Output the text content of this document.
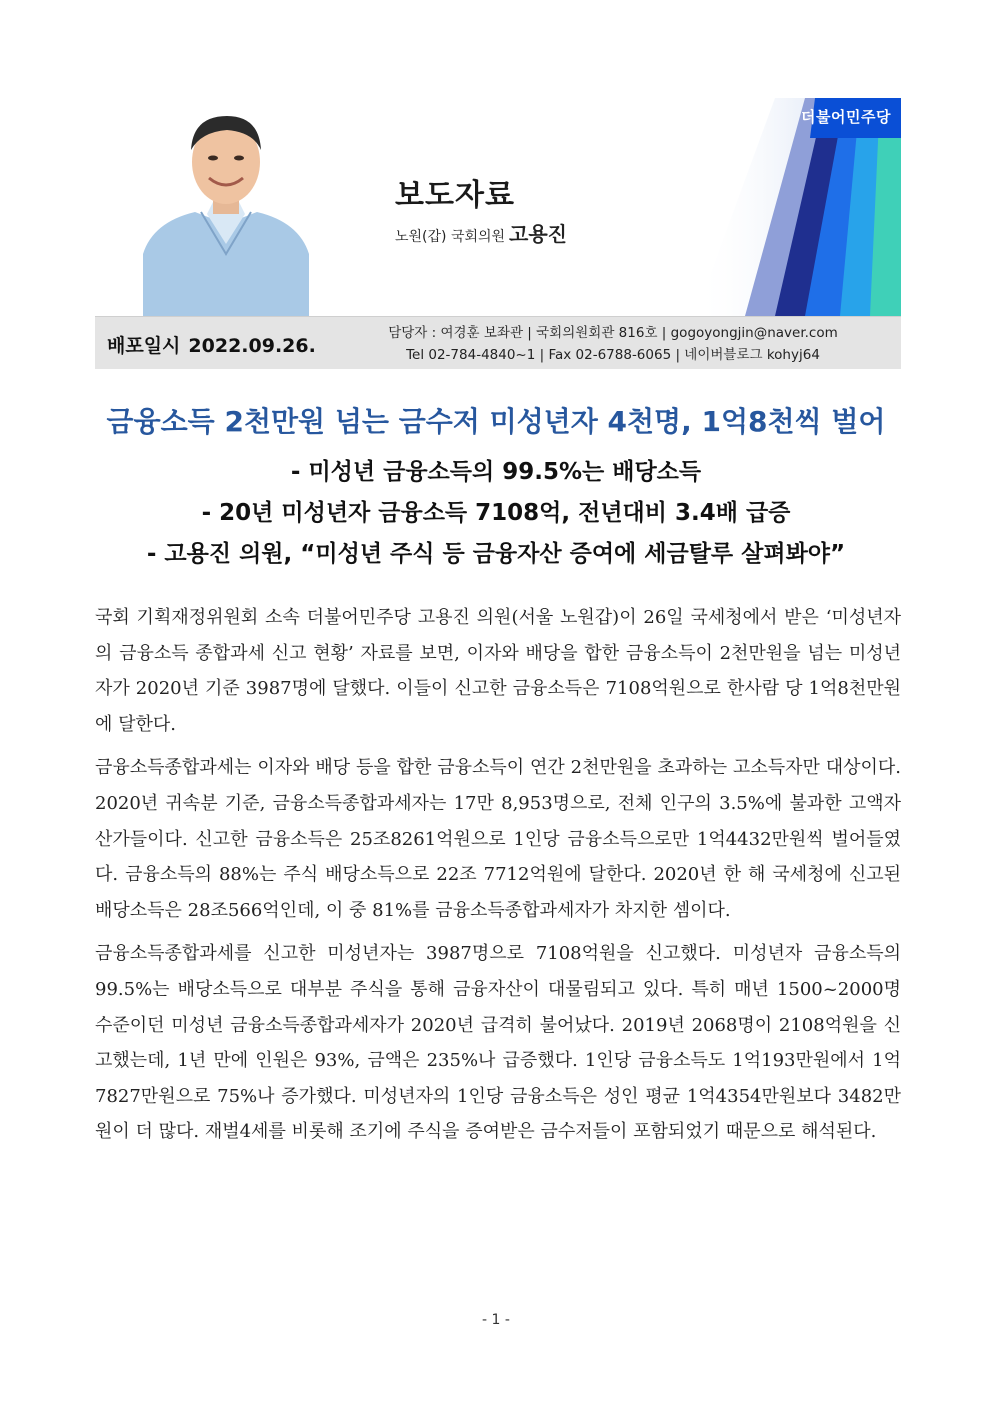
보도자료
노원(갑) 국회의원 고용진
더불어민주당
배포일시 2022.09.26.
담당자 : 여경훈 보좌관 | 국회의원회관 816호 | gogoyongjin@naver.com
Tel 02-784-4840~1 | Fax 02-6788-6065 | 네이버블로그 kohyj64
금융소득 2천만원 넘는 금수저 미성년자 4천명, 1억8천씩 벌어
- 미성년 금융소득의 99.5%는 배당소득
- 20년 미성년자 금융소득 7108억, 전년대비 3.4배 급증
- 고용진 의원, “미성년 주식 등 금융자산 증여에 세금탈루 살펴봐야”

국회 기획재정위원회 소속 더불어민주당 고용진 의원(서울 노원갑)이 26일 국세청에서 받은 ‘미성년자의 금융소득 종합과세 신고 현황’ 자료를 보면, 이자와 배당을 합한 금융소득이 2천만원을 넘는 미성년자가 2020년 기준 3987명에 달했다. 이들이 신고한 금융소득은 7108억원으로 한사람 당 1억8천만원에 달한다.

금융소득종합과세는 이자와 배당 등을 합한 금융소득이 연간 2천만원을 초과하는 고소득자만 대상이다. 2020년 귀속분 기준, 금융소득종합과세자는 17만 8,953명으로, 전체 인구의 3.5%에 불과한 고액자산가들이다. 신고한 금융소득은 25조8261억원으로 1인당 금융소득으로만 1억4432만원씩 벌어들였다. 금융소득의 88%는 주식 배당소득으로 22조 7712억원에 달한다. 2020년 한 해 국세청에 신고된 배당소득은 28조566억인데, 이 중 81%를 금융소득종합과세자가 차지한 셈이다.

금융소득종합과세를 신고한 미성년자는 3987명으로 7108억원을 신고했다. 미성년자 금융소득의 99.5%는 배당소득으로 대부분 주식을 통해 금융자산이 대물림되고 있다. 특히 매년 1500~2000명 수준이던 미성년 금융소득종합과세자가 2020년 급격히 불어났다. 2019년 2068명이 2108억원을 신고했는데, 1년 만에 인원은 93%, 금액은 235%나 급증했다. 1인당 금융소득도 1억193만원에서 1억7827만원으로 75%나 증가했다. 미성년자의 1인당 금융소득은 성인 평균 1억4354만원보다 3482만원이 더 많다. 재벌4세를 비롯해 조기에 주식을 증여받은 금수저들이 포함되었기 때문으로 해석된다.

- 1 -
